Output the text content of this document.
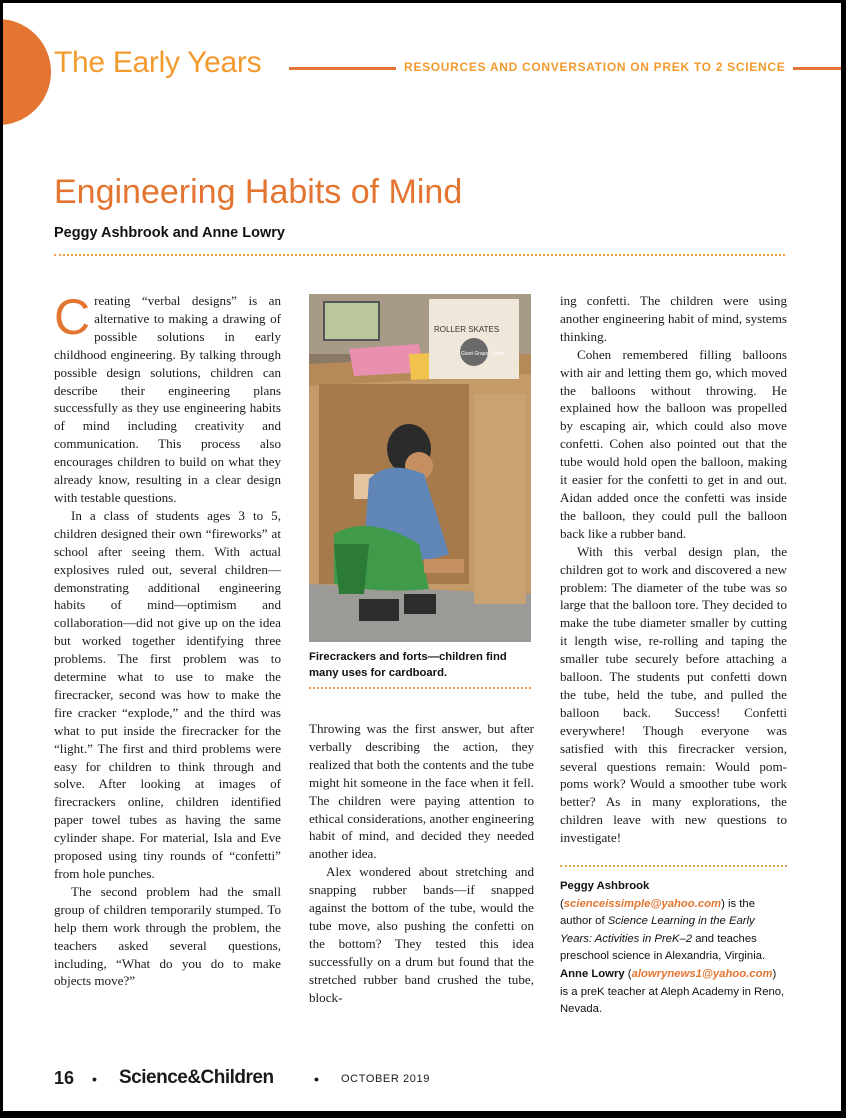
The Early Years	RESOURCES AND CONVERSATION ON PREK TO 2 SCIENCE
Engineering Habits of Mind
Peggy Ashbrook and Anne Lowry

Creating “verbal designs” is an alternative to making a drawing of possible solutions in early childhood engineering. By talking through possible design solutions, children can describe their engineering plans successfully as they use engineering habits of mind including creativity and communication. This process also encourages children to build on what they already know, resulting in a clear design with testable questions.

In a class of students ages 3 to 5, children designed their own “fireworks” at school after seeing them. With actual explosives ruled out, several children—demonstrating additional engineering habits of mind—optimism and collaboration—did not give up on the idea but worked together identifying three problems. The first problem was to determine what to use to make the firecracker, second was how to make the fire cracker “explode,” and the third was what to put inside the firecracker for the “light.” The first and third problems were easy for children to think through and solve. After looking at images of firecrackers online, children identified paper towel tubes as having the same cylinder shape. For material, Isla and Eve proposed using tiny rounds of “confetti” from hole punches.

The second problem had the small group of children temporarily stumped. To help them work through the problem, the teachers asked several questions, including, “What do you do to make objects move?”

ROLLER SKATES
Giant Grape Cereal
Firecrackers and forts—children find many uses for cardboard.

Throwing was the first answer, but after verbally describing the action, they realized that both the contents and the tube might hit someone in the face when it fell. The children were paying attention to ethical considerations, another engineering habit of mind, and decided they needed another idea.

Alex wondered about stretching and snapping rubber bands—if snapped against the bottom of the tube, would the tube move, also pushing the confetti on the bottom? They tested this idea successfully on a drum but found that the stretched rubber band crushed the tube, block-

ing confetti. The children were using another engineering habit of mind, systems thinking.

Cohen remembered filling balloons with air and letting them go, which moved the balloons without throwing. He explained how the balloon was propelled by escaping air, which could also move confetti. Cohen also pointed out that the tube would hold open the balloon, making it easier for the confetti to get in and out. Aidan added once the confetti was inside the balloon, they could pull the balloon back like a rubber band.

With this verbal design plan, the children got to work and discovered a new problem: The diameter of the tube was so large that the balloon tore. They decided to make the tube diameter smaller by cutting it length wise, re-rolling and taping the smaller tube securely before attaching a balloon. The students put confetti down the tube, held the tube, and pulled the balloon back. Success! Confetti everywhere! Though everyone was satisfied with this firecracker version, several questions remain: Would pom-poms work? Would a smoother tube work better? As in many explorations, the children leave with new questions to investigate!

Peggy Ashbrook (scienceissimple@yahoo.com) is the author of Science Learning in the Early Years: Activities in PreK–2 and teaches preschool science in Alexandria, Virginia. Anne Lowry (alowrynews1@yahoo.com) is a preK teacher at Aleph Academy in Reno, Nevada.
16 • Science&Children	• OCTOBER 2019
